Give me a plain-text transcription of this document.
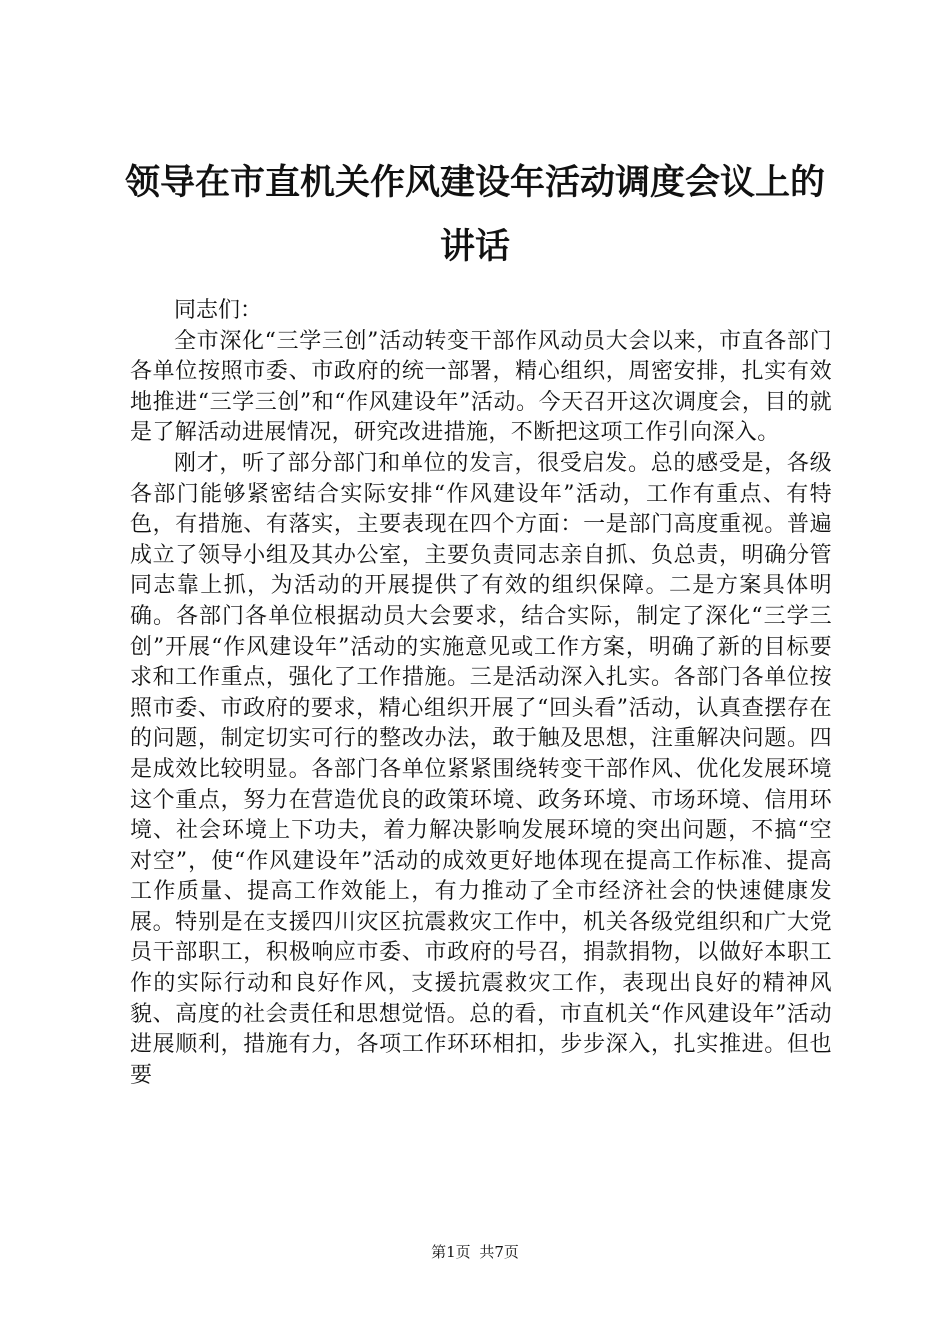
领导在市直机关作风建设年活动调度会议上的
讲话

同志们：

全市深化“三学三创”活动转变干部作风动员大会以来，市直各部门各单位按照市委、市政府的统一部署，精心组织，周密安排，扎实有效地推进“三学三创”和“作风建设年”活动。今天召开这次调度会，目的就是了解活动进展情况，研究改进措施，不断把这项工作引向深入。

刚才，听了部分部门和单位的发言，很受启发。总的感受是，各级各部门能够紧密结合实际安排“作风建设年”活动，工作有重点、有特色，有措施、有落实，主要表现在四个方面：一是部门高度重视。普遍成立了领导小组及其办公室，主要负责同志亲自抓、负总责，明确分管同志靠上抓，为活动的开展提供了有效的组织保障。二是方案具体明确。各部门各单位根据动员大会要求，结合实际，制定了深化“三学三创”开展“作风建设年”活动的实施意见或工作方案，明确了新的目标要求和工作重点，强化了工作措施。三是活动深入扎实。各部门各单位按照市委、市政府的要求，精心组织开展了“回头看”活动，认真查摆存在的问题，制定切实可行的整改办法，敢于触及思想，注重解决问题。四是成效比较明显。各部门各单位紧紧围绕转变干部作风、优化发展环境这个重点，努力在营造优良的政策环境、政务环境、市场环境、信用环境、社会环境上下功夫，着力解决影响发展环境的突出问题，不搞“空对空”，使“作风建设年”活动的成效更好地体现在提高工作标准、提高工作质量、提高工作效能上，有力推动了全市经济社会的快速健康发展。特别是在支援四川灾区抗震救灾工作中，机关各级党组织和广大党员干部职工，积极响应市委、市政府的号召，捐款捐物，以做好本职工作的实际行动和良好作风，支援抗震救灾工作，表现出良好的精神风貌、高度的社会责任和思想觉悟。总的看，市直机关“作风建设年”活动进展顺利，措施有力，各项工作环环相扣，步步深入，扎实推进。但也要

第1页 共7页
